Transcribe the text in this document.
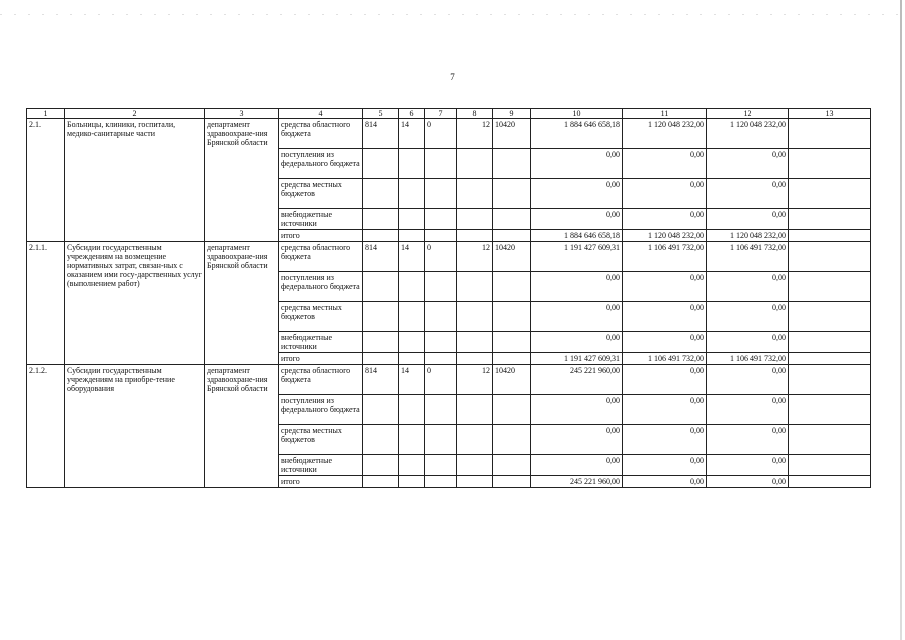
7
1	2	3	4	5	6	7	8	9	10	11	12	13
2.1.	Больницы, клиники, госпитали, медико-санитарные части	департамент здравоохране-ния Брянской области	средства областного бюджета	814	14	0	12	10420	1 884 646 658,18	1 120 048 232,00	1 120 048 232,00	
			поступления из федерального бюджета						0,00	0,00	0,00	
			средства местных бюджетов						0,00	0,00	0,00	
			внебюджетные источники						0,00	0,00	0,00	
			итого						1 884 646 658,18	1 120 048 232,00	1 120 048 232,00	
2.1.1.	Субсидии государственным учреждениям на возмещение нормативных затрат, связан-ных с оказанием ими госу-дарственных услуг (выполнением работ)	департамент здравоохране-ния Брянской области	средства областного бюджета	814	14	0	12	10420	1 191 427 609,31	1 106 491 732,00	1 106 491 732,00	
			поступления из федерального бюджета						0,00	0,00	0,00	
			средства местных бюджетов						0,00	0,00	0,00	
			внебюджетные источники						0,00	0,00	0,00	
			итого						1 191 427 609,31	1 106 491 732,00	1 106 491 732,00	
2.1.2.	Субсидии государственным учреждениям на приобре-тение оборудования	департамент здравоохране-ния Брянской области	средства областного бюджета	814	14	0	12	10420	245 221 960,00	0,00	0,00	
			поступления из федерального бюджета						0,00	0,00	0,00	
			средства местных бюджетов						0,00	0,00	0,00	
			внебюджетные источники						0,00	0,00	0,00	
			итого						245 221 960,00	0,00	0,00	
